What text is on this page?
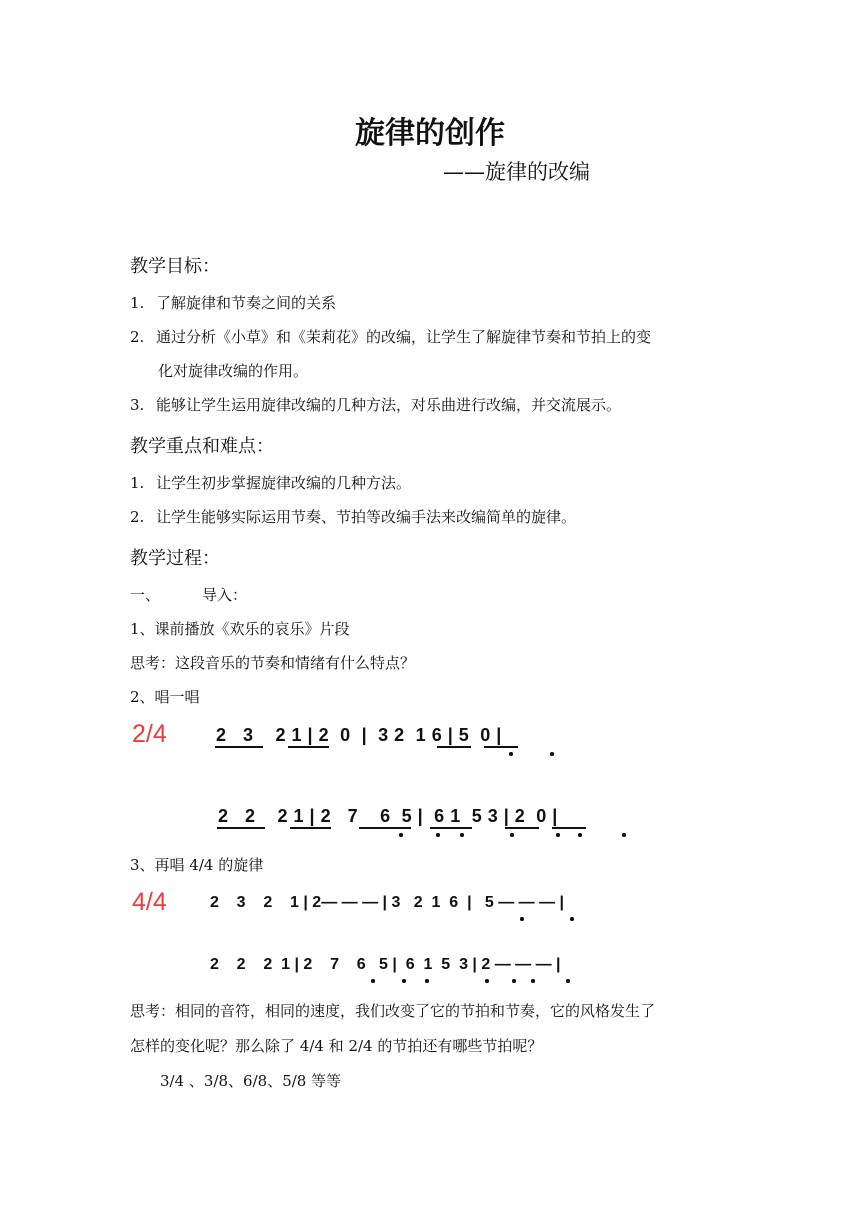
旋律的创作
——旋律的改编
教学目标：
1. 了解旋律和节奏之间的关系
2. 通过分析《小草》和《茉莉花》的改编，让学生了解旋律节奏和节拍上的变
化对旋律改编的作用。
3. 能够让学生运用旋律改编的几种方法，对乐曲进行改编，并交流展示。
教学重点和难点：
1. 让学生初步掌握旋律改编的几种方法。
2. 让学生能够实际运用节奏、节拍等改编手法来改编简单的旋律。
教学过程：
一、	导入：
1、课前播放《欢乐的哀乐》片段
思考：这段音乐的节奏和情绪有什么特点？
2、唱一唱
2/4	2   3    2 1 | 2  0  |  3 2  1 6 | 5  0 |
2   2    2 1 | 2   7    6  5 |  6 1  5 3 | 2  0 |
3、再唱 4/4 的旋律
4/4	2    3    2    1 | 2— — — | 3   2  1  6  |   5 — — — |
2    2    2  1 | 2    7    6   5 |  6  1  5  3 | 2 — — — |
思考：相同的音符，相同的速度，我们改变了它的节拍和节奏，它的风格发生了
怎样的变化呢？那么除了 4/4 和 2/4 的节拍还有哪些节拍呢？
3/4 、3/8、6/8、5/8 等等
